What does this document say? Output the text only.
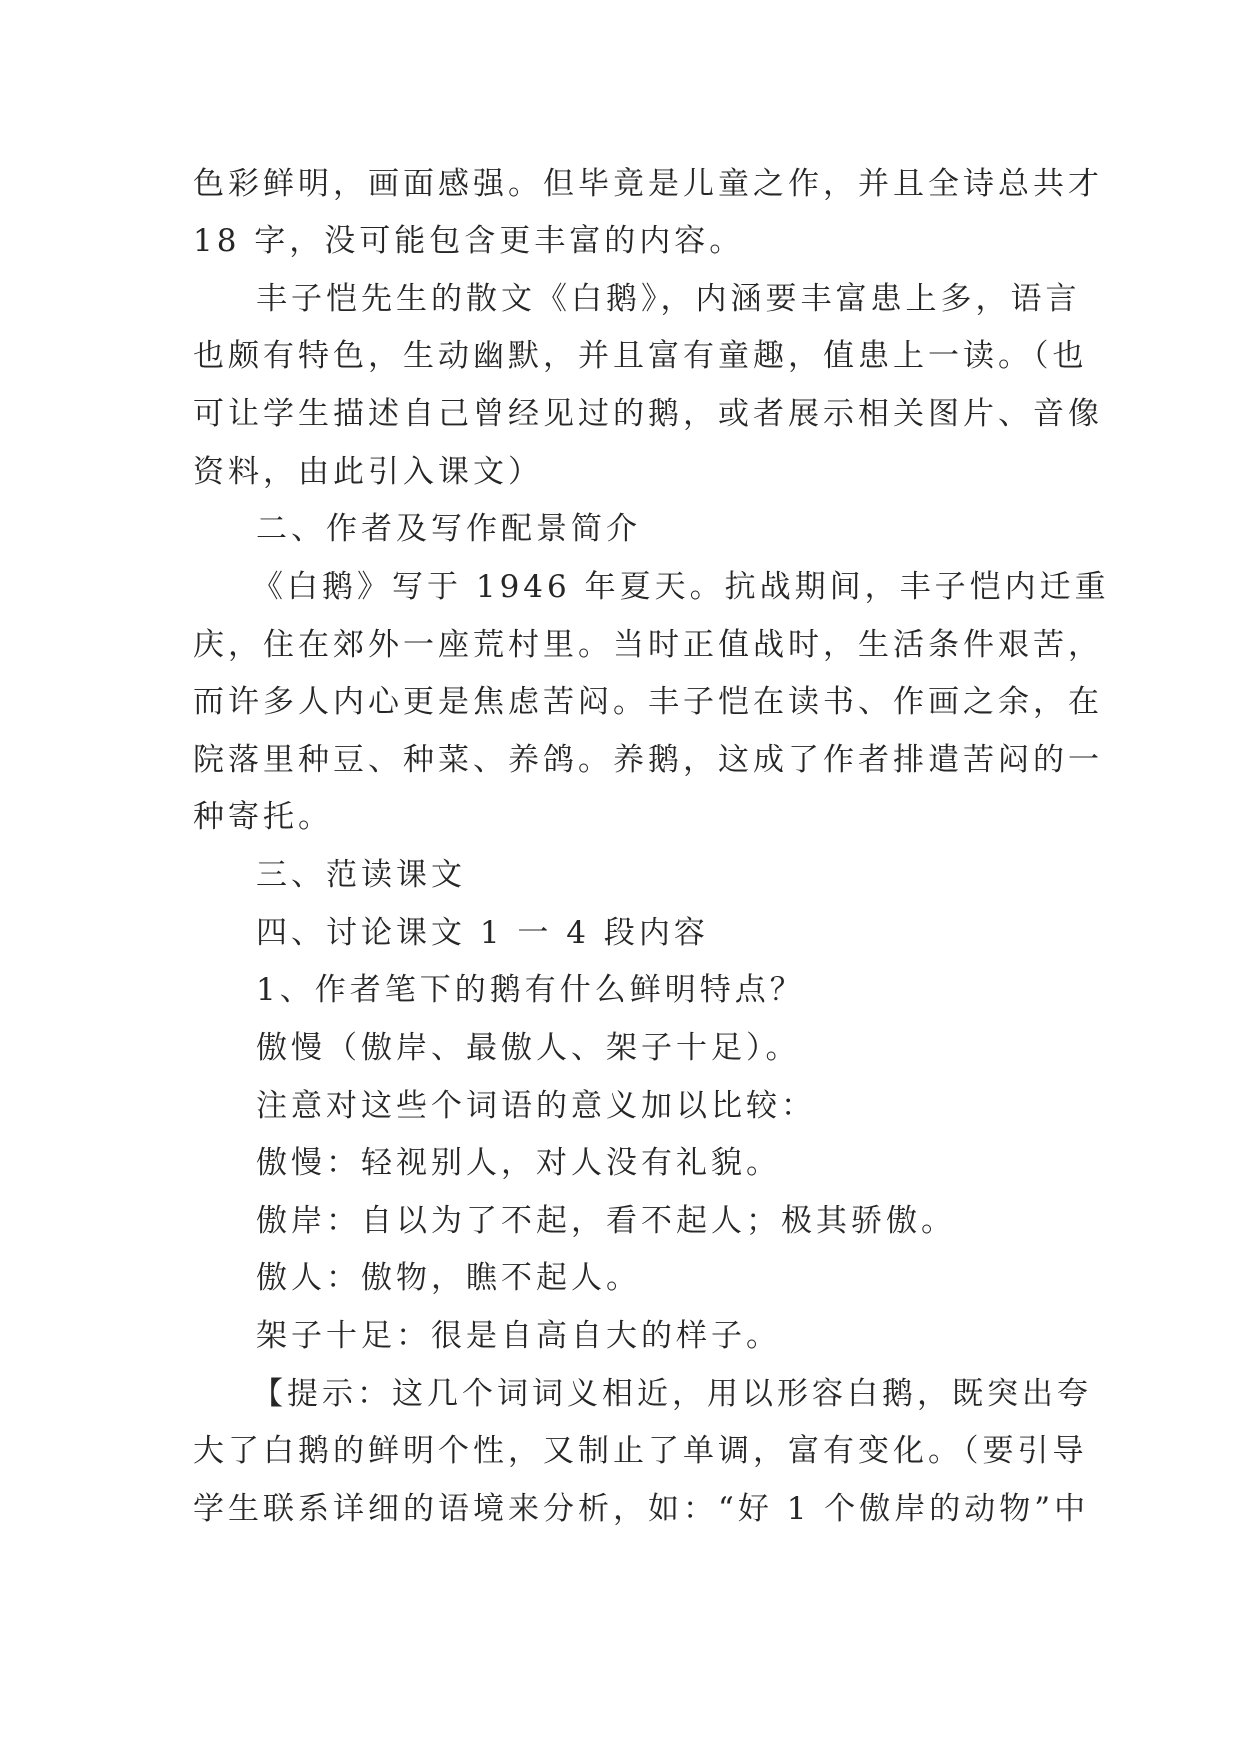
色彩鲜明，画面感强。但毕竟是儿童之作，并且全诗总共才
18 字，没可能包含更丰富的内容。
丰子恺先生的散文《白鹅》，内涵要丰富患上多，语言
也颇有特色，生动幽默，并且富有童趣，值患上一读。（也
可让学生描述自己曾经见过的鹅，或者展示相关图片、音像
资料，由此引入课文）
二、作者及写作配景简介
《白鹅》写于 1946 年夏天。抗战期间，丰子恺内迁重
庆，住在郊外一座荒村里。当时正值战时，生活条件艰苦，
而许多人内心更是焦虑苦闷。丰子恺在读书、作画之余，在
院落里种豆、种菜、养鸽。养鹅，这成了作者排遣苦闷的一
种寄托。
三、范读课文
四、讨论课文 1 一 4 段内容
1、作者笔下的鹅有什么鲜明特点？
傲慢（傲岸、最傲人、架子十足）。
注意对这些个词语的意义加以比较：
傲慢：轻视别人，对人没有礼貌。
傲岸：自以为了不起，看不起人；极其骄傲。
傲人：傲物，瞧不起人。
架子十足：很是自高自大的样子。
【提示：这几个词词义相近，用以形容白鹅，既突出夸
大了白鹅的鲜明个性，又制止了单调，富有变化。（要引导
学生联系详细的语境来分析，如：“好 1 个傲岸的动物”中
